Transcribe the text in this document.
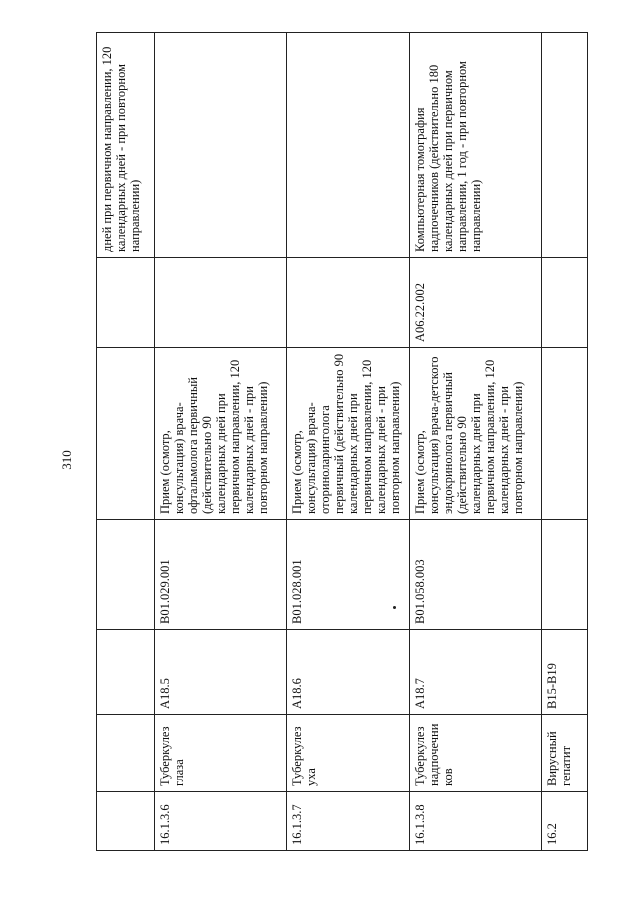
310
						дней при первичном направлении, 120 календарных дней - при повторном направлении)
16.1.3.6	Туберкулез глаза	A18.5	B01.029.001	Прием (осмотр, консультация) врача-офтальмолога первичный (действительно 90 календарных дней при первичном направлении, 120 календарных дней - при повторном направлении)		
16.1.3.7	Туберкулез уха	A18.6	B01.028.001	Прием (осмотр, консультация) врача-оториноларинголога первичный (действительно 90 календарных дней при первичном направлении, 120 календарных дней - при повторном направлении)		
16.1.3.8	Туберкулез надпочечников	A18.7	B01.058.003	Прием (осмотр, консультация) врача-детского эндокринолога первичный (действительно 90 календарных дней при первичном направлении, 120 календарных дней - при повторном направлении)	A06.22.002	Компьютерная томография надпочечников (действительно 180 календарных дней при первичном направлении, 1 год - при повторном направлении)
16.2	Вирусный гепатит	B15-B19				
